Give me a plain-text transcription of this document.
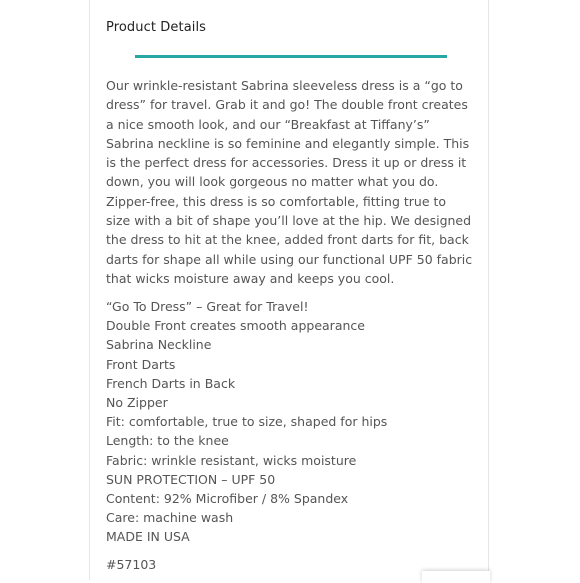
Product Details

Our wrinkle-resistant Sabrina sleeveless dress is a “go to dress” for travel. Grab it and go! The double front creates a nice smooth look, and our “Breakfast at Tiffany’s” Sabrina neckline is so feminine and elegantly simple. This is the perfect dress for accessories. Dress it up or dress it down, you will look gorgeous no matter what you do. Zipper-free, this dress is so comfortable, fitting true to size with a bit of shape you’ll love at the hip. We designed the dress to hit at the knee, added front darts for fit, back darts for shape all while using our functional UPF 50 fabric that wicks moisture away and keeps you cool.

“Go To Dress” – Great for Travel!
Double Front creates smooth appearance
Sabrina Neckline
Front Darts
French Darts in Back
No Zipper
Fit: comfortable, true to size, shaped for hips
Length: to the knee
Fabric: wrinkle resistant, wicks moisture
SUN PROTECTION – UPF 50
Content: 92% Microfiber / 8% Spandex
Care: machine wash
MADE IN USA
#57103
